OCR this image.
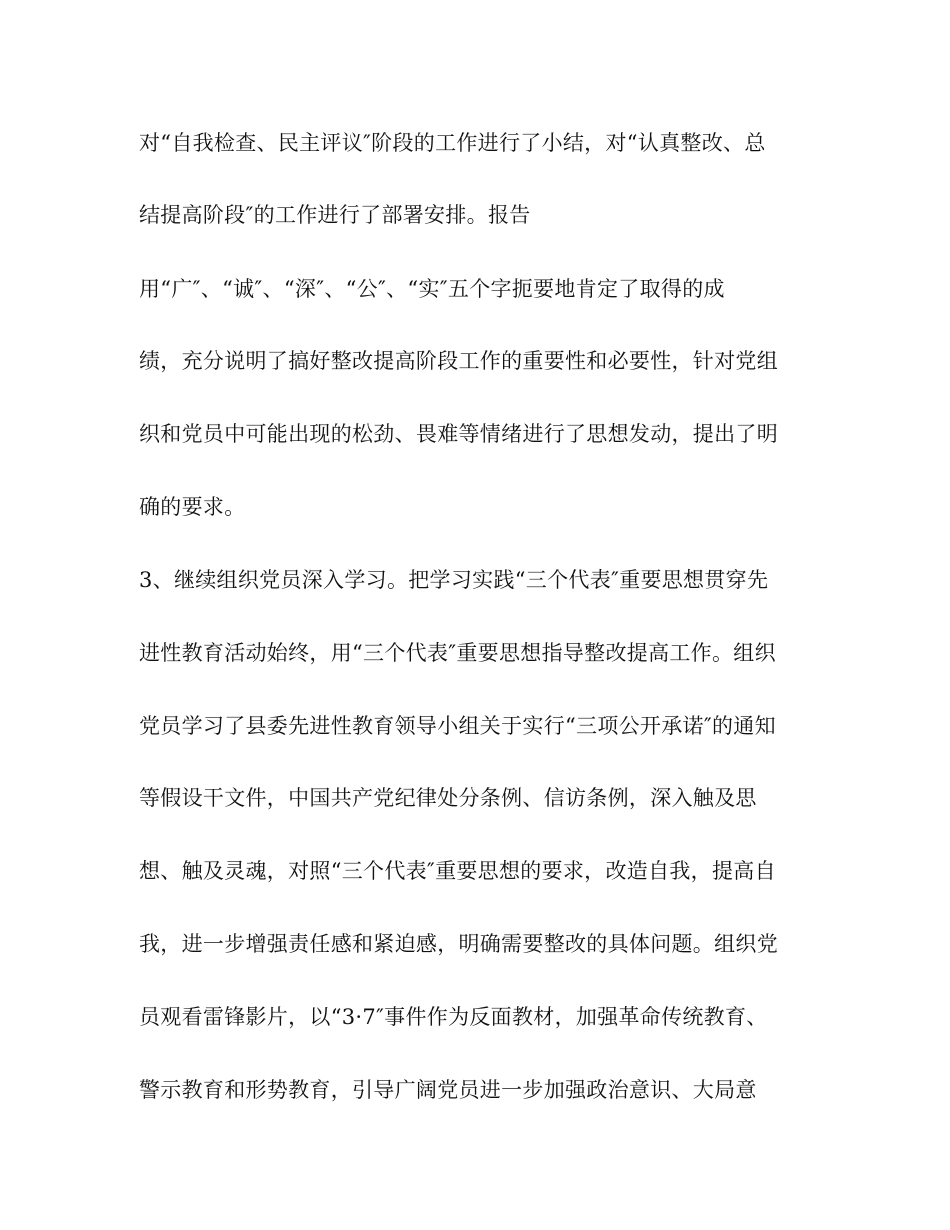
对“自我检查、民主评议″阶段的工作进行了小结，对“认真整改、总

结提高阶段″的工作进行了部署安排。报告

用“广″、“诚″、“深″、“公″、“实″五个字扼要地肯定了取得的成

绩，充分说明了搞好整改提高阶段工作的重要性和必要性，针对党组

织和党员中可能出现的松劲、畏难等情绪进行了思想发动，提出了明

确的要求。

3、继续组织党员深入学习。把学习实践“三个代表″重要思想贯穿先

进性教育活动始终，用“三个代表″重要思想指导整改提高工作。组织

党员学习了县委先进性教育领导小组关于实行“三项公开承诺″的通知

等假设干文件，中国共产党纪律处分条例、信访条例，深入触及思

想、触及灵魂，对照“三个代表″重要思想的要求，改造自我，提高自

我，进一步增强责任感和紧迫感，明确需要整改的具体问题。组织党

员观看雷锋影片，以“3·7″事件作为反面教材，加强革命传统教育、

警示教育和形势教育，引导广阔党员进一步加强政治意识、大局意
